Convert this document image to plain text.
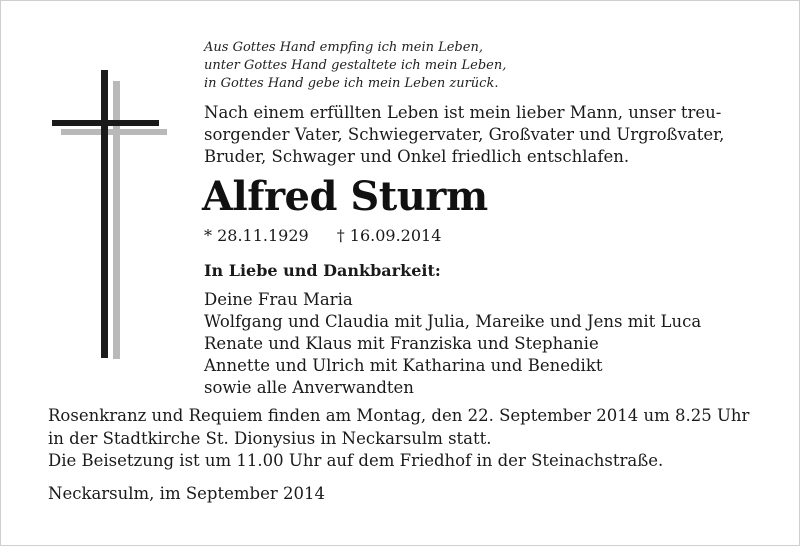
Aus Gottes Hand empfing ich mein Leben,
unter Gottes Hand gestaltete ich mein Leben,
in Gottes Hand gebe ich mein Leben zurück.
Nach einem erfüllten Leben ist mein lieber Mann, unser treu-
sorgender Vater, Schwiegervater, Großvater und Urgroßvater,
Bruder, Schwager und Onkel friedlich entschlafen.
Alfred Sturm
* 28.11.1929 † 16.09.2014
In Liebe und Dankbarkeit:
Deine Frau Maria
Wolfgang und Claudia mit Julia, Mareike und Jens mit Luca
Renate und Klaus mit Franziska und Stephanie
Annette und Ulrich mit Katharina und Benedikt
sowie alle Anverwandten
Rosenkranz und Requiem finden am Montag, den 22. September 2014 um 8.25 Uhr
in der Stadtkirche St. Dionysius in Neckarsulm statt.
Die Beisetzung ist um 11.00 Uhr auf dem Friedhof in der Steinachstraße.
Neckarsulm, im September 2014
